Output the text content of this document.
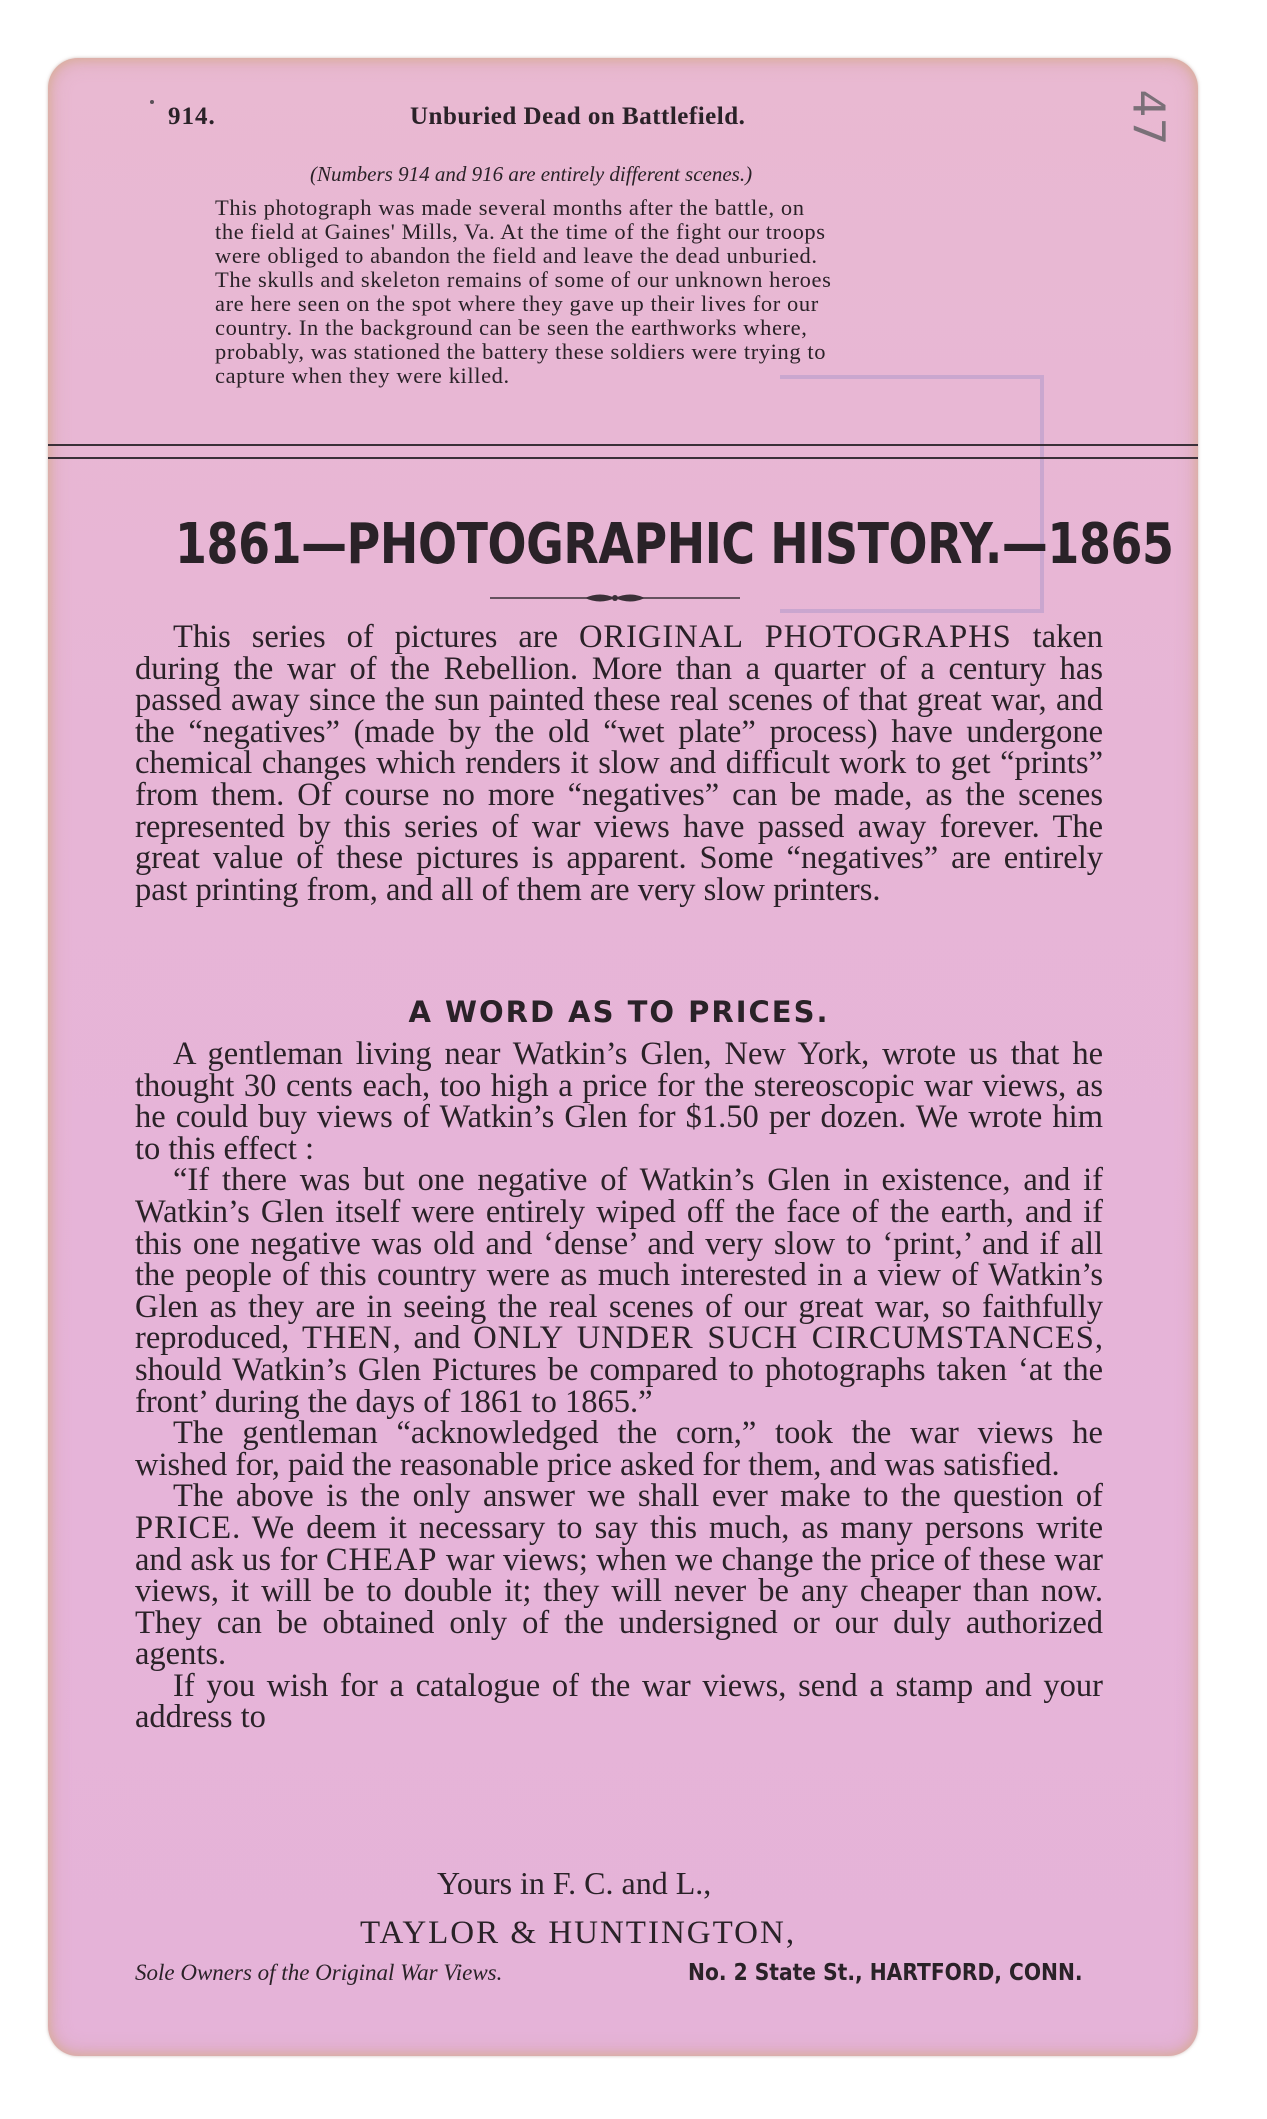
914.	Unburied Dead on Battlefield.	47
(Numbers 914 and 916 are entirely different scenes.)
This photograph was made several months after the battle, on
the field at Gaines' Mills, Va. At the time of the fight our troops
were obliged to abandon the field and leave the dead unburied.
The skulls and skeleton remains of some of our unknown heroes
are here seen on the spot where they gave up their lives for our
country. In the background can be seen the earthworks where,
probably, was stationed the battery these soldiers were trying to
capture when they were killed.
1861—PHOTOGRAPHIC HISTORY.—1865

This series of pictures are ORIGINAL PHOTOGRAPHS taken during the war of the Rebellion. More than a quarter of a century has passed away since the sun painted these real scenes of that great war, and the “negatives” (made by the old “wet plate” process) have undergone chemical changes which renders it slow and difficult work to get “prints” from them. Of course no more “negatives” can be made, as the scenes represented by this series of war views have passed away forever. The great value of these pictures is apparent. Some “negatives” are entirely past printing from, and all of them are very slow printers.

A WORD AS TO PRICES.

A gentleman living near Watkin’s Glen, New York, wrote us that he thought 30 cents each, too high a price for the stereoscopic war views, as he could buy views of Watkin’s Glen for $1.50 per dozen. We wrote him to this effect :

“If there was but one negative of Watkin’s Glen in existence, and if Watkin’s Glen itself were entirely wiped off the face of the earth, and if this one negative was old and ‘dense’ and very slow to ‘print,’ and if all the people of this country were as much interested in a view of Watkin’s Glen as they are in seeing the real scenes of our great war, so faithfully reproduced, THEN, and ONLY UNDER SUCH CIRCUMSTANCES, should Watkin’s Glen Pictures be compared to photographs taken ‘at the front’ during the days of 1861 to 1865.”

The gentleman “acknowledged the corn,” took the war views he wished for, paid the reasonable price asked for them, and was satisfied.

The above is the only answer we shall ever make to the question of PRICE. We deem it necessary to say this much, as many persons write and ask us for CHEAP war views; when we change the price of these war views, it will be to double it; they will never be any cheaper than now. They can be obtained only of the undersigned or our duly authorized agents.

If you wish for a catalogue of the war views, send a stamp and your address to

Yours in F. C. and L.,
TAYLOR & HUNTINGTON,
Sole Owners of the Original War Views.	No. 2 State St., HARTFORD, CONN.
